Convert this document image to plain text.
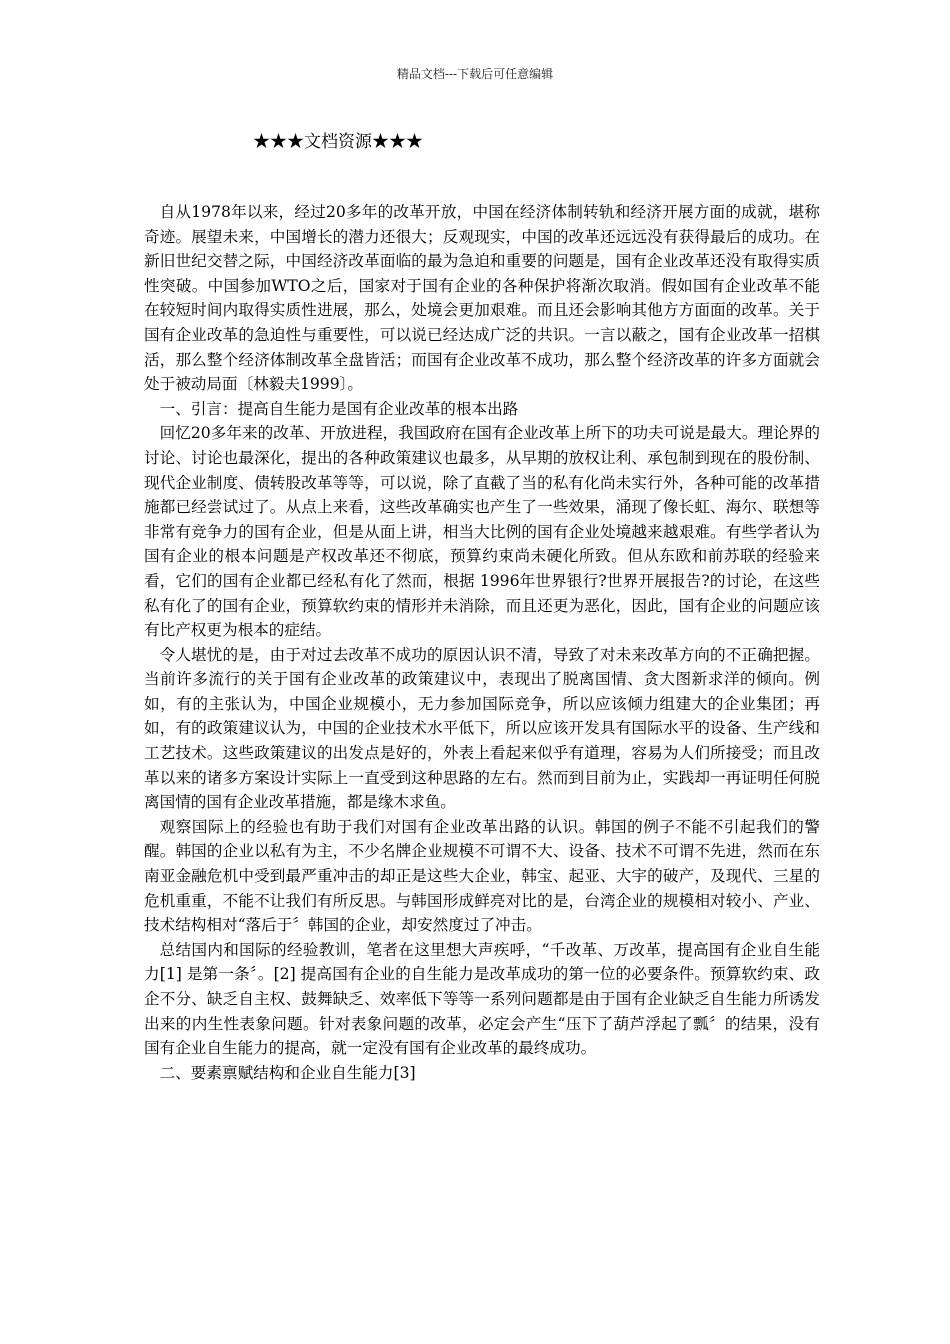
精品文档---下载后可任意编辑
★★★文档资源★★★

自从1978年以来，经过20多年的改革开放，中国在经济体制转轨和经济开展方面的成就，堪称奇迹。展望未来，中国增长的潜力还很大；反观现实，中国的改革还远远没有获得最后的成功。在新旧世纪交替之际，中国经济改革面临的最为急迫和重要的问题是，国有企业改革还没有取得实质性突破。中国参加WTO之后，国家对于国有企业的各种保护将渐次取消。假如国有企业改革不能在较短时间内取得实质性进展，那么，处境会更加艰难。而且还会影响其他方方面面的改革。关于国有企业改革的急迫性与重要性，可以说已经达成广泛的共识。一言以蔽之，国有企业改革一招棋活，那么整个经济体制改革全盘皆活；而国有企业改革不成功，那么整个经济改革的许多方面就会处于被动局面〔林毅夫1999〕。

一、引言：提高自生能力是国有企业改革的根本出路

回忆20多年来的改革、开放进程，我国政府在国有企业改革上所下的功夫可说是最大。理论界的讨论、讨论也最深化，提出的各种政策建议也最多，从早期的放权让利、承包制到现在的股份制、现代企业制度、债转股改革等等，可以说，除了直截了当的私有化尚未实行外，各种可能的改革措施都已经尝试过了。从点上来看，这些改革确实也产生了一些效果，涌现了像长虹、海尔、联想等非常有竞争力的国有企业，但是从面上讲，相当大比例的国有企业处境越来越艰难。有些学者认为国有企业的根本问题是产权改革还不彻底，预算约束尚未硬化所致。但从东欧和前苏联的经验来看，它们的国有企业都已经私有化了然而，根据 1996年世界银行?世界开展报告?的讨论，在这些私有化了的国有企业，预算软约束的情形并未消除，而且还更为恶化，因此，国有企业的问题应该有比产权更为根本的症结。

令人堪忧的是，由于对过去改革不成功的原因认识不清，导致了对未来改革方向的不正确把握。当前许多流行的关于国有企业改革的政策建议中，表现出了脱离国情、贪大图新求洋的倾向。例如，有的主张认为，中国企业规模小，无力参加国际竞争，所以应该倾力组建大的企业集团；再如，有的政策建议认为，中国的企业技术水平低下，所以应该开发具有国际水平的设备、生产线和工艺技术。这些政策建议的出发点是好的，外表上看起来似乎有道理，容易为人们所接受；而且改革以来的诸多方案设计实际上一直受到这种思路的左右。然而到目前为止，实践却一再证明任何脱离国情的国有企业改革措施，都是缘木求鱼。

观察国际上的经验也有助于我们对国有企业改革出路的认识。韩国的例子不能不引起我们的警醒。韩国的企业以私有为主，不少名牌企业规模不可谓不大、设备、技术不可谓不先进，然而在东南亚金融危机中受到最严重冲击的却正是这些大企业，韩宝、起亚、大宇的破产，及现代、三星的危机重重，不能不让我们有所反思。与韩国形成鲜亮对比的是，台湾企业的规模相对较小、产业、技术结构相对“落后于〞韩国的企业，却安然度过了冲击。

总结国内和国际的经验教训，笔者在这里想大声疾呼，“千改革、万改革，提高国有企业自生能力[1] 是第一条〞。[2] 提高国有企业的自生能力是改革成功的第一位的必要条件。预算软约束、政企不分、缺乏自主权、鼓舞缺乏、效率低下等等一系列问题都是由于国有企业缺乏自生能力所诱发出来的内生性表象问题。针对表象问题的改革，必定会产生“压下了葫芦浮起了瓢〞的结果，没有国有企业自生能力的提高，就一定没有国有企业改革的最终成功。

二、要素禀赋结构和企业自生能力[3]
